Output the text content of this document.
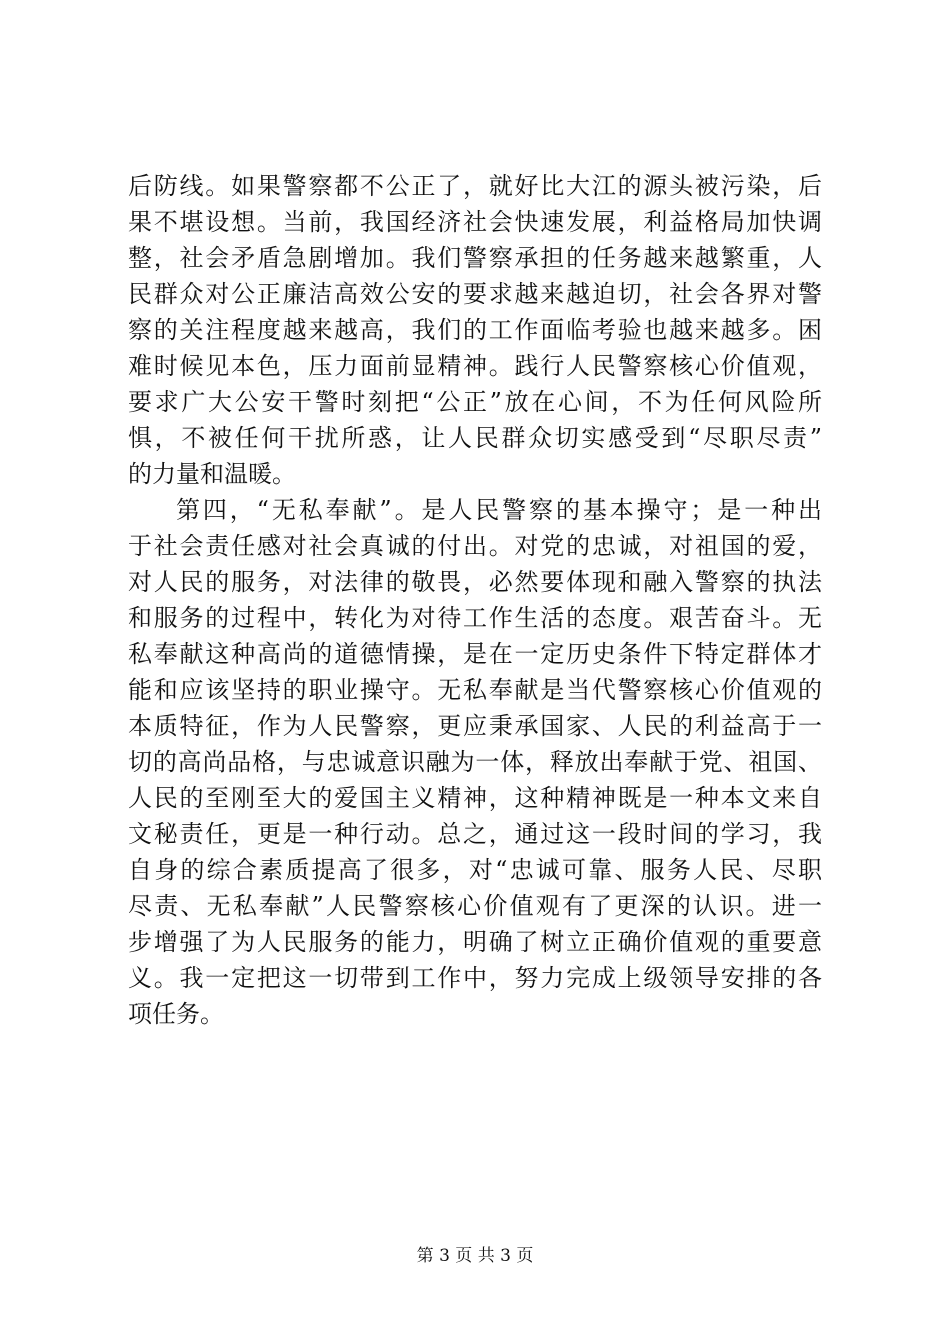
后防线。如果警察都不公正了，就好比大江的源头被污染，后
果不堪设想。当前，我国经济社会快速发展，利益格局加快调
整，社会矛盾急剧增加。我们警察承担的任务越来越繁重，人
民群众对公正廉洁高效公安的要求越来越迫切，社会各界对警
察的关注程度越来越高，我们的工作面临考验也越来越多。困
难时候见本色，压力面前显精神。践行人民警察核心价值观，
要求广大公安干警时刻把“公正”放在心间，不为任何风险所
惧，不被任何干扰所惑，让人民群众切实感受到“尽职尽责”
的力量和温暖。
第四，“无私奉献”。是人民警察的基本操守；是一种出
于社会责任感对社会真诚的付出。对党的忠诚，对祖国的爱，
对人民的服务，对法律的敬畏，必然要体现和融入警察的执法
和服务的过程中，转化为对待工作生活的态度。艰苦奋斗。无
私奉献这种高尚的道德情操，是在一定历史条件下特定群体才
能和应该坚持的职业操守。无私奉献是当代警察核心价值观的
本质特征，作为人民警察，更应秉承国家、人民的利益高于一
切的高尚品格，与忠诚意识融为一体，释放出奉献于党、祖国、
人民的至刚至大的爱国主义精神，这种精神既是一种本文来自
文秘责任，更是一种行动。总之，通过这一段时间的学习，我
自身的综合素质提高了很多，对“忠诚可靠、服务人民、尽职
尽责、无私奉献”人民警察核心价值观有了更深的认识。进一
步增强了为人民服务的能力，明确了树立正确价值观的重要意
义。我一定把这一切带到工作中，努力完成上级领导安排的各
项任务。
第 3 页 共 3 页
